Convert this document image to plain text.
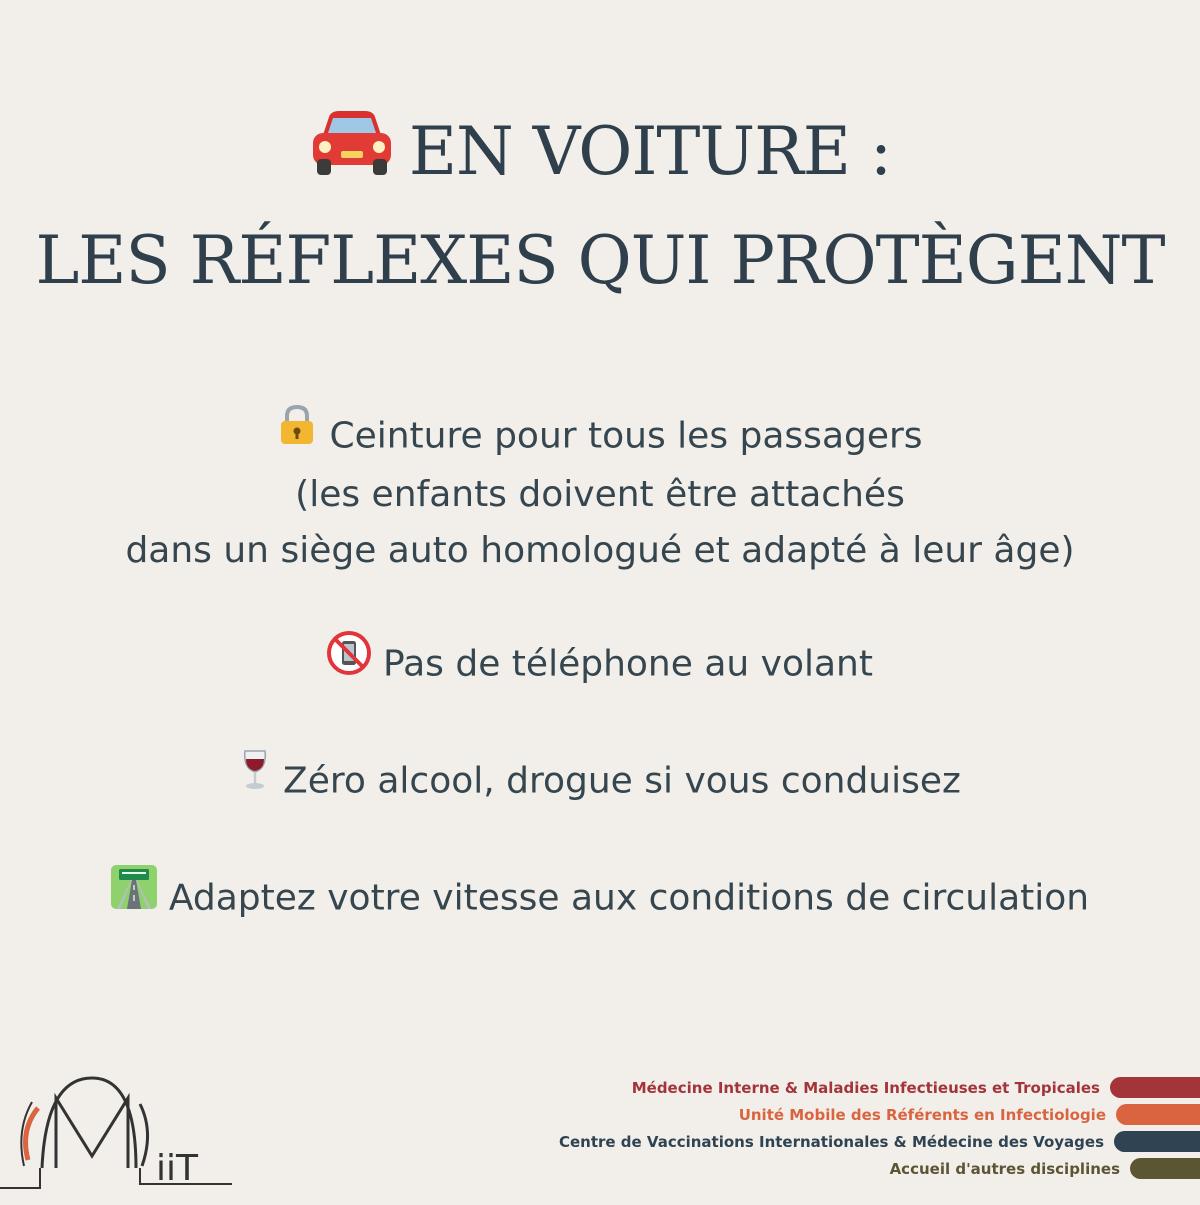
EN VOITURE :
LES RÉFLEXES QUI PROTÈGENT
Ceinture pour tous les passagers
(les enfants doivent être attachés
dans un siège auto homologué et adapté à leur âge)
Pas de téléphone au volant
Zéro alcool, drogue si vous conduisez
Adaptez votre vitesse aux conditions de circulation
iiT
Médecine Interne & Maladies Infectieuses et Tropicales
Unité Mobile des Référents en Infectiologie
Centre de Vaccinations Internationales & Médecine des Voyages
Accueil d'autres disciplines
